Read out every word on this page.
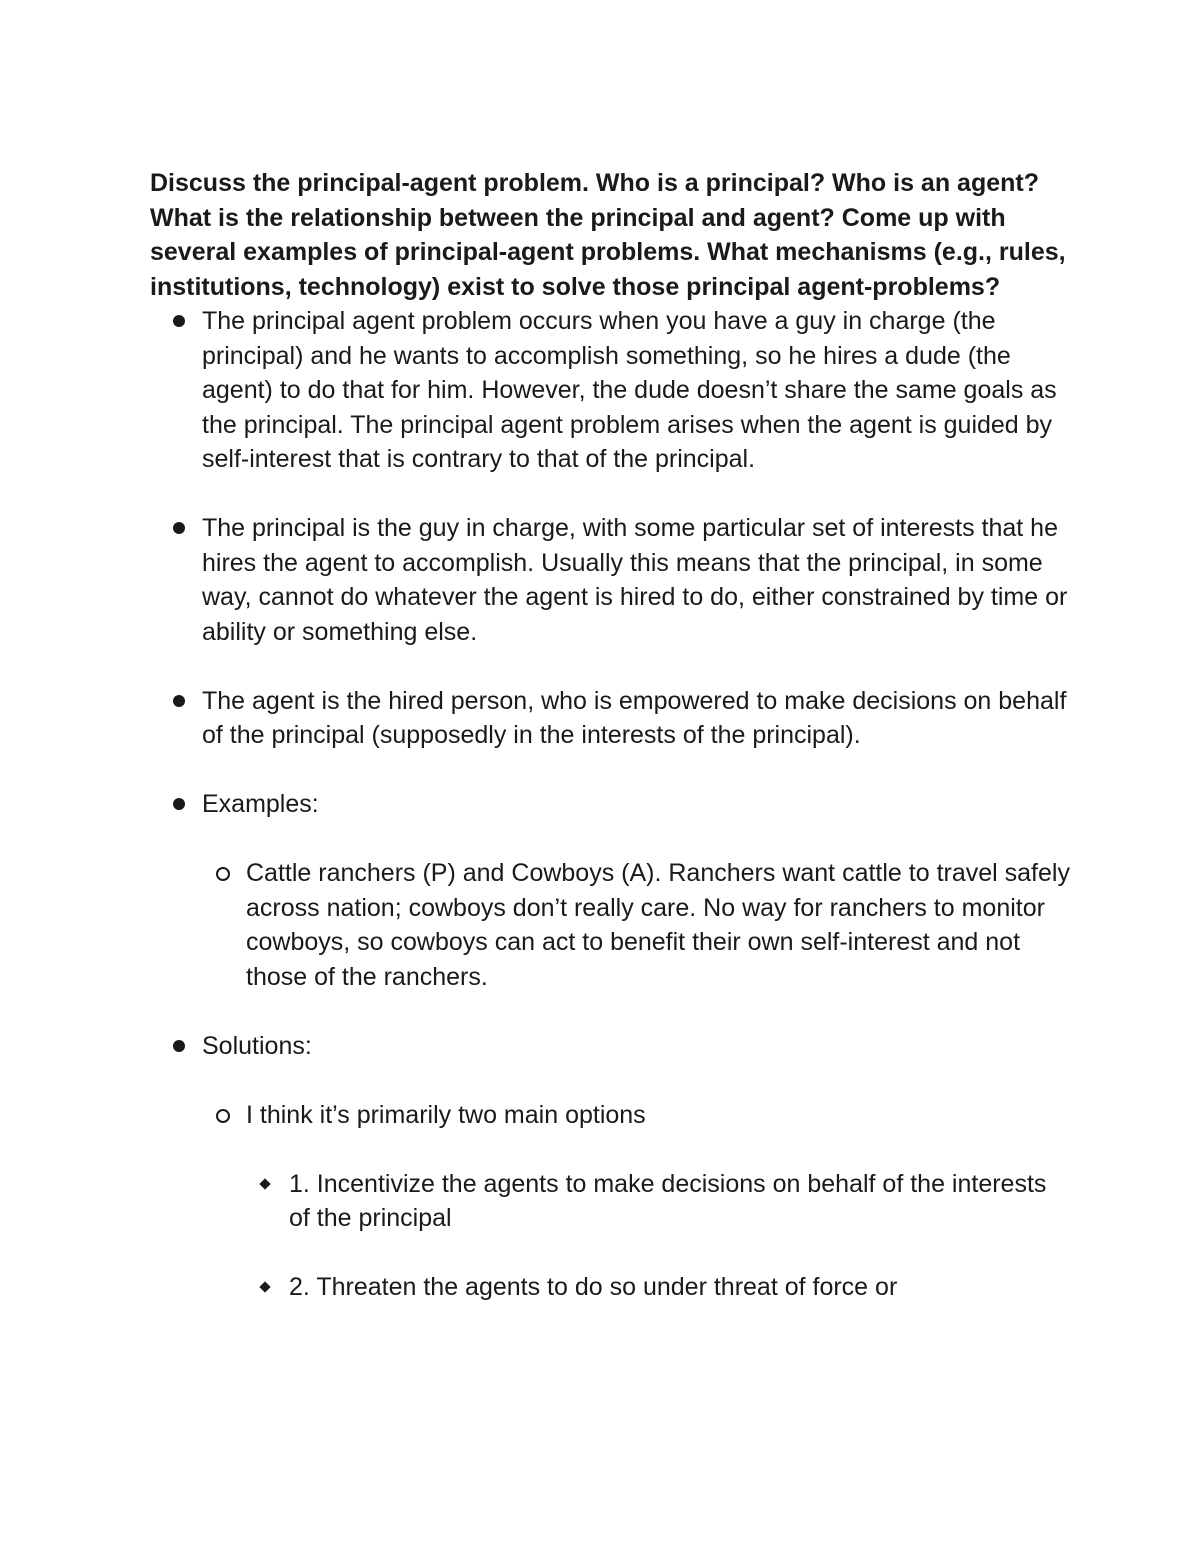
Discuss the principal-agent problem. Who is a principal? Who is an agent? What is the relationship between the principal and agent? Come up with several examples of principal-agent problems. What mechanisms (e.g., rules, institutions, technology) exist to solve those principal agent-problems?

The principal agent problem occurs when you have a guy in charge (the principal) and he wants to accomplish something, so he hires a dude (the agent) to do that for him. However, the dude doesn’t share the same goals as the principal. The principal agent problem arises when the agent is guided by self-interest that is contrary to that of the principal.
The principal is the guy in charge, with some particular set of interests that he hires the agent to accomplish. Usually this means that the principal, in some way, cannot do whatever the agent is hired to do, either constrained by time or ability or something else.
The agent is the hired person, who is empowered to make decisions on behalf of the principal (supposedly in the interests of the principal).
Examples:
Cattle ranchers (P) and Cowboys (A). Ranchers want cattle to travel safely across nation; cowboys don’t really care. No way for ranchers to monitor cowboys, so cowboys can act to benefit their own self-interest and not those of the ranchers.
Solutions:
I think it’s primarily two main options
1. Incentivize the agents to make decisions on behalf of the interests of the principal
2. Threaten the agents to do so under threat of force or
